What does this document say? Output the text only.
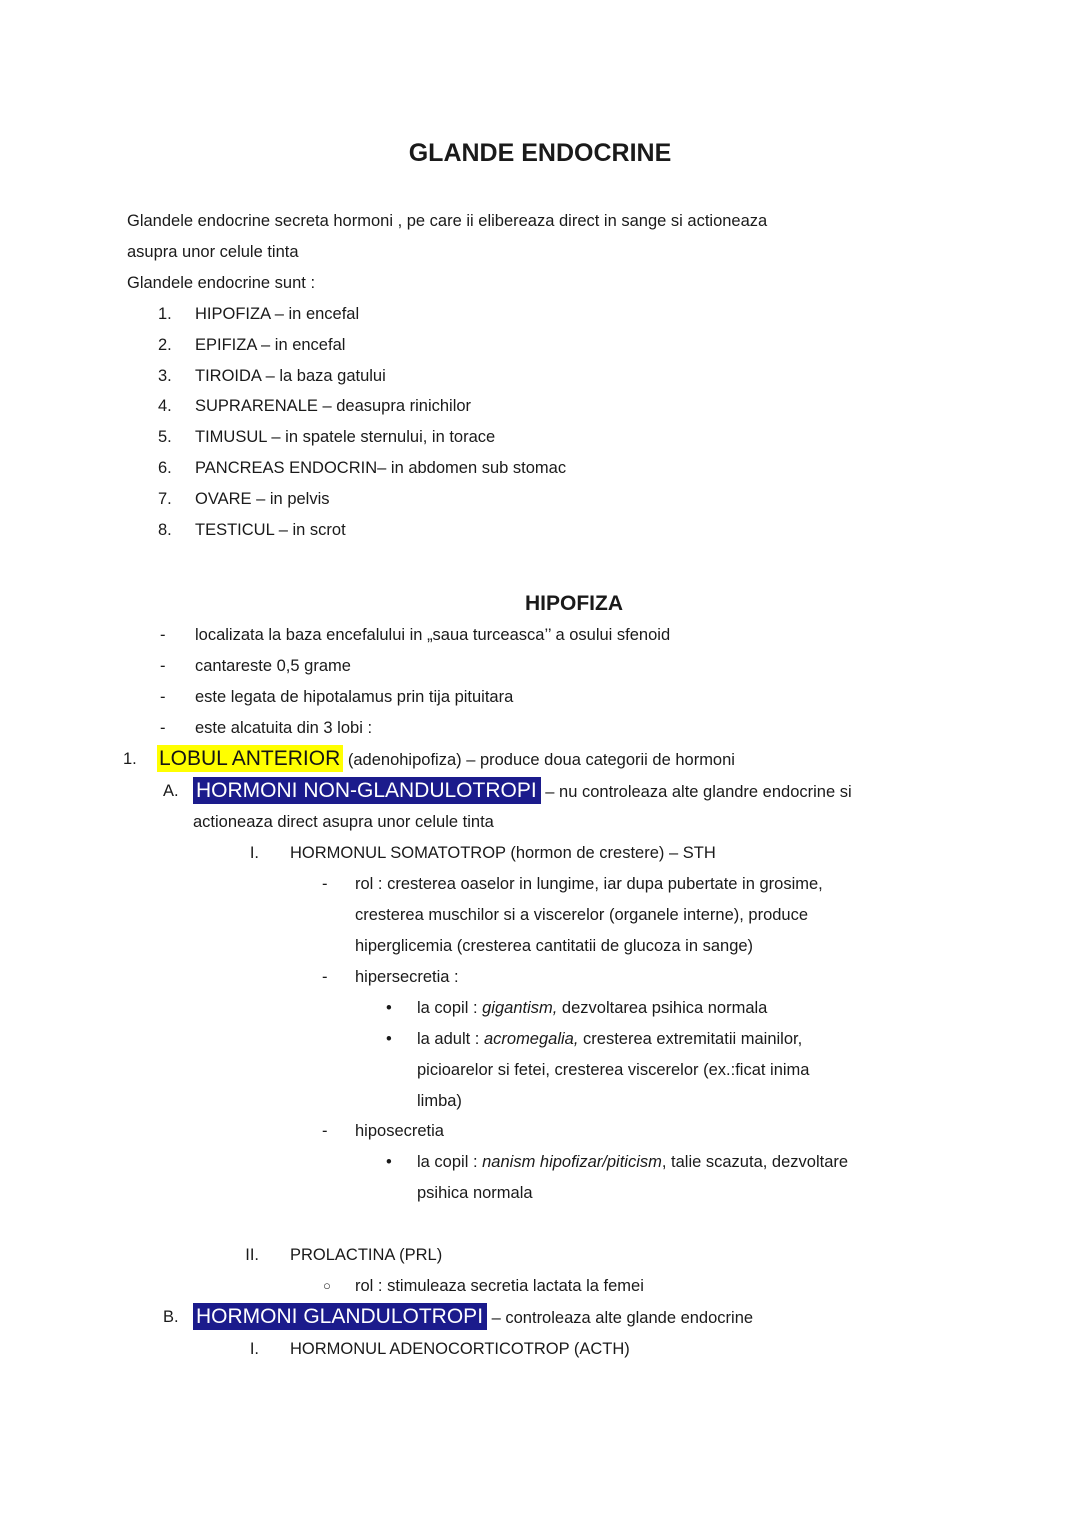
GLANDE ENDOCRINE
Glandele endocrine secreta hormoni , pe care ii elibereaza direct in sange si actioneaza
asupra unor celule tinta
Glandele endocrine sunt :
1. HIPOFIZA – in encefal
2. EPIFIZA – in encefal
3. TIROIDA – la baza gatului
4. SUPRARENALE – deasupra rinichilor
5. TIMUSUL – in spatele sternului, in torace
6. PANCREAS ENDOCRIN– in abdomen sub stomac
7. OVARE – in pelvis
8. TESTICUL – in scrot
HIPOFIZA
- localizata la baza encefalului in „saua turceasca’’ a osului sfenoid
- cantareste 0,5 grame
- este legata de hipotalamus prin tija pituitara
- este alcatuita din 3 lobi :
1. LOBUL ANTERIOR (adenohipofiza) – produce doua categorii de hormoni
A. HORMONI NON-GLANDULOTROPI – nu controleaza alte glandre endocrine si
actioneaza direct asupra unor celule tinta
I. HORMONUL SOMATOTROP (hormon de crestere) – STH
- rol : cresterea oaselor in lungime, iar dupa pubertate in grosime,
cresterea muschilor si a viscerelor (organele interne), produce
hiperglicemia (cresterea cantitatii de glucoza in sange)
- hipersecretia :
• la copil : gigantism, dezvoltarea psihica normala
• la adult : acromegalia, cresterea extremitatii mainilor,
picioarelor si fetei, cresterea viscerelor (ex.:ficat inima
limba)
- hiposecretia
• la copil : nanism hipofizar/piticism, talie scazuta, dezvoltare
psihica normala
II. PROLACTINA (PRL)
○ rol : stimuleaza secretia lactata la femei
B. HORMONI GLANDULOTROPI – controleaza alte glande endocrine
I. HORMONUL ADENOCORTICOTROP (ACTH)
